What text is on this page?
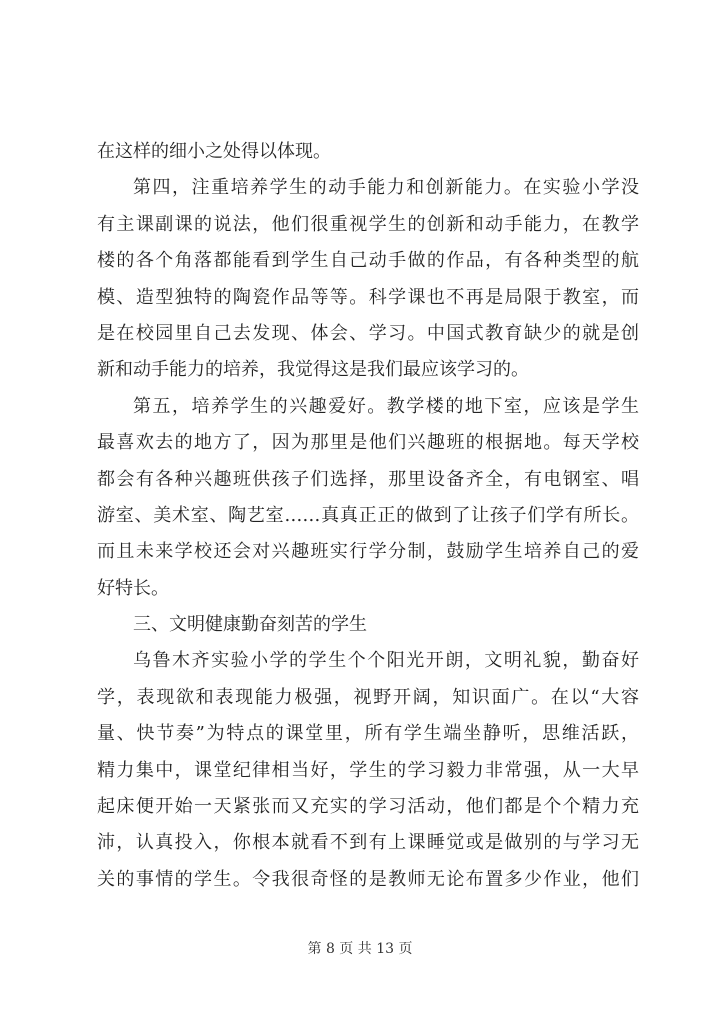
在这样的细小之处得以体现。
第四，注重培养学生的动手能力和创新能力。在实验小学没
有主课副课的说法，他们很重视学生的创新和动手能力，在教学
楼的各个角落都能看到学生自己动手做的作品，有各种类型的航
模、造型独特的陶瓷作品等等。科学课也不再是局限于教室，而
是在校园里自己去发现、体会、学习。中国式教育缺少的就是创
新和动手能力的培养，我觉得这是我们最应该学习的。
第五，培养学生的兴趣爱好。教学楼的地下室，应该是学生
最喜欢去的地方了，因为那里是他们兴趣班的根据地。每天学校
都会有各种兴趣班供孩子们选择，那里设备齐全，有电钢室、唱
游室、美术室、陶艺室……真真正正的做到了让孩子们学有所长。
而且未来学校还会对兴趣班实行学分制，鼓励学生培养自己的爱
好特长。
三、文明健康勤奋刻苦的学生
乌鲁木齐实验小学的学生个个阳光开朗，文明礼貌，勤奋好
学，表现欲和表现能力极强，视野开阔，知识面广。在以“大容
量、快节奏”为特点的课堂里，所有学生端坐静听，思维活跃，
精力集中，课堂纪律相当好，学生的学习毅力非常强，从一大早
起床便开始一天紧张而又充实的学习活动，他们都是个个精力充
沛，认真投入，你根本就看不到有上课睡觉或是做别的与学习无
关的事情的学生。令我很奇怪的是教师无论布置多少作业，他们
第 8 页 共 13 页
